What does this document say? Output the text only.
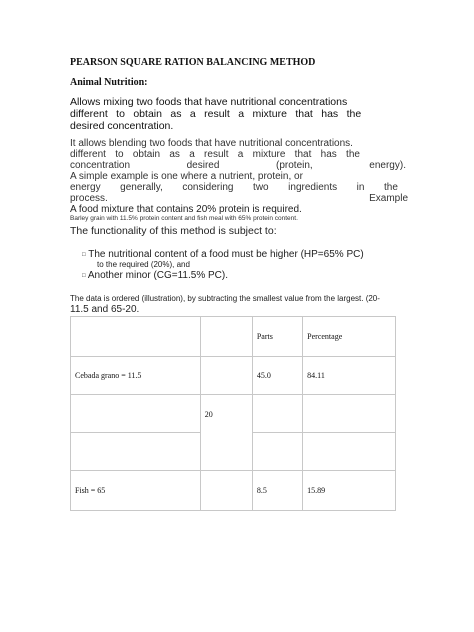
PEARSON SQUARE RATION BALANCING METHOD
Animal Nutrition:
Allows mixing two foods that have nutritional concentrations
different to obtain as a result a mixture that has the
desired concentration.
It allows blending two foods that have nutritional concentrations.
different to obtain as a result a mixture that has the
concentration	desired	(protein,	energy).
A simple example is one where a nutrient, protein, or
energy generally, considering two ingredients in the
process.	Example
A food mixture that contains 20% protein is required.
Barley grain with 11.5% protein content and fish meal with 65% protein content.
The functionality of this method is subject to:
□ The nutritional content of a food must be higher (HP=65% PC)
to the required (20%), and
□ Another minor (CG=11.5% PC).
The data is ordered (illustration), by subtracting the smallest value from the largest. (20-
11.5 and 65-20.

		Parts	Percentage

Cebada grano = 11.5		45.0	84.11

	20		

Fish = 65		8.5	15.89
